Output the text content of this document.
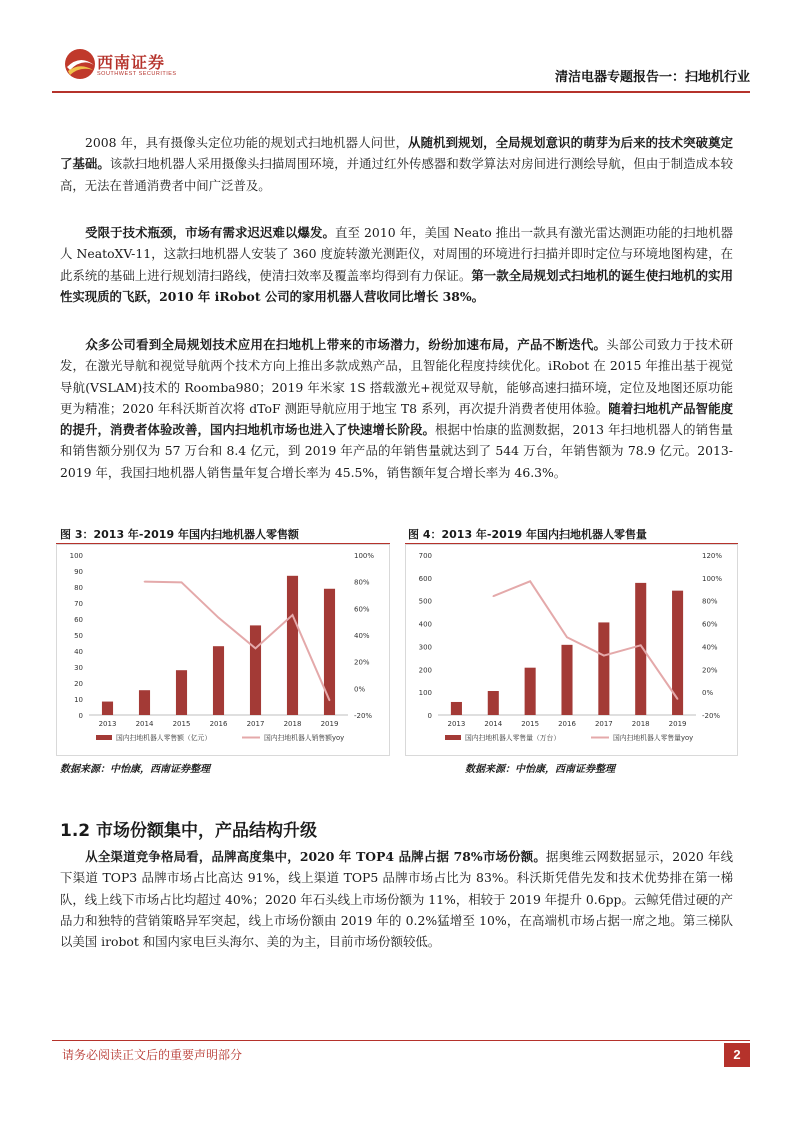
西南证券
SOUTHWEST SECURITIES	清洁电器专题报告一：扫地机行业
2008 年，具有摄像头定位功能的规划式扫地机器人问世，从随机到规划，全局规划意识的萌芽为后来的技术突破奠定了基础。该款扫地机器人采用摄像头扫描周围环境，并通过红外传感器和数学算法对房间进行测绘导航，但由于制造成本较高，无法在普通消费者中间广泛普及。
受限于技术瓶颈，市场有需求迟迟难以爆发。直至 2010 年，美国 Neato 推出一款具有激光雷达测距功能的扫地机器人 NeatoXV-11，这款扫地机器人安装了 360 度旋转激光测距仪，对周围的环境进行扫描并即时定位与环境地图构建，在此系统的基础上进行规划清扫路线，使清扫效率及覆盖率均得到有力保证。第一款全局规划式扫地机的诞生使扫地机的实用性实现质的飞跃，2010 年 iRobot 公司的家用机器人营收同比增长 38%。
众多公司看到全局规划技术应用在扫地机上带来的市场潜力，纷纷加速布局，产品不断迭代。头部公司致力于技术研发，在激光导航和视觉导航两个技术方向上推出多款成熟产品，且智能化程度持续优化。iRobot 在 2015 年推出基于视觉导航(VSLAM)技术的 Roomba980；2019 年米家 1S 搭载激光+视觉双导航，能够高速扫描环境，定位及地图还原功能更为精准；2020 年科沃斯首次将 dToF 测距导航应用于地宝 T8 系列，再次提升消费者使用体验。随着扫地机产品智能度的提升，消费者体验改善，国内扫地机市场也进入了快速增长阶段。根据中怡康的监测数据，2013 年扫地机器人的销售量和销售额分别仅为 57 万台和 8.4 亿元，到 2019 年产品的年销售量就达到了 544 万台，年销售额为 78.9 亿元。2013-2019 年，我国扫地机器人销售量年复合增长率为 45.5%，销售额年复合增长率为 46.3%。
图 3：2013 年-2019 年国内扫地机器人零售额
0
10
20
30
40
50
60
70
80
90
100
-20%
0%
20%
40%
60%
80%
100%
2013	2014	2015	2016	2017	2018	2019
国内扫地机器人零售额（亿元）	国内扫地机器人销售额yoy
数据来源：中怡康，西南证券整理
图 4：2013 年-2019 年国内扫地机器人零售量
0
100
200
300
400
500
600
700
-20%
0%
20%
40%
60%
80%
100%
120%
2013	2014	2015	2016	2017	2018	2019
国内扫地机器人零售量（万台）	国内扫地机器人零售量yoy
数据来源：中怡康，西南证券整理
1.2 市场份额集中，产品结构升级
从全渠道竞争格局看，品牌高度集中，2020 年 TOP4 品牌占据 78%市场份额。据奥维云网数据显示，2020 年线下渠道 TOP3 品牌市场占比高达 91%，线上渠道 TOP5 品牌市场占比为 83%。科沃斯凭借先发和技术优势排在第一梯队，线上线下市场占比均超过 40%；2020 年石头线上市场份额为 11%，相较于 2019 年提升 0.6pp。云鲸凭借过硬的产品力和独特的营销策略异军突起，线上市场份额由 2019 年的 0.2%猛增至 10%，在高端机市场占据一席之地。第三梯队以美国 irobot 和国内家电巨头海尔、美的为主，目前市场份额较低。
请务必阅读正文后的重要声明部分	2
